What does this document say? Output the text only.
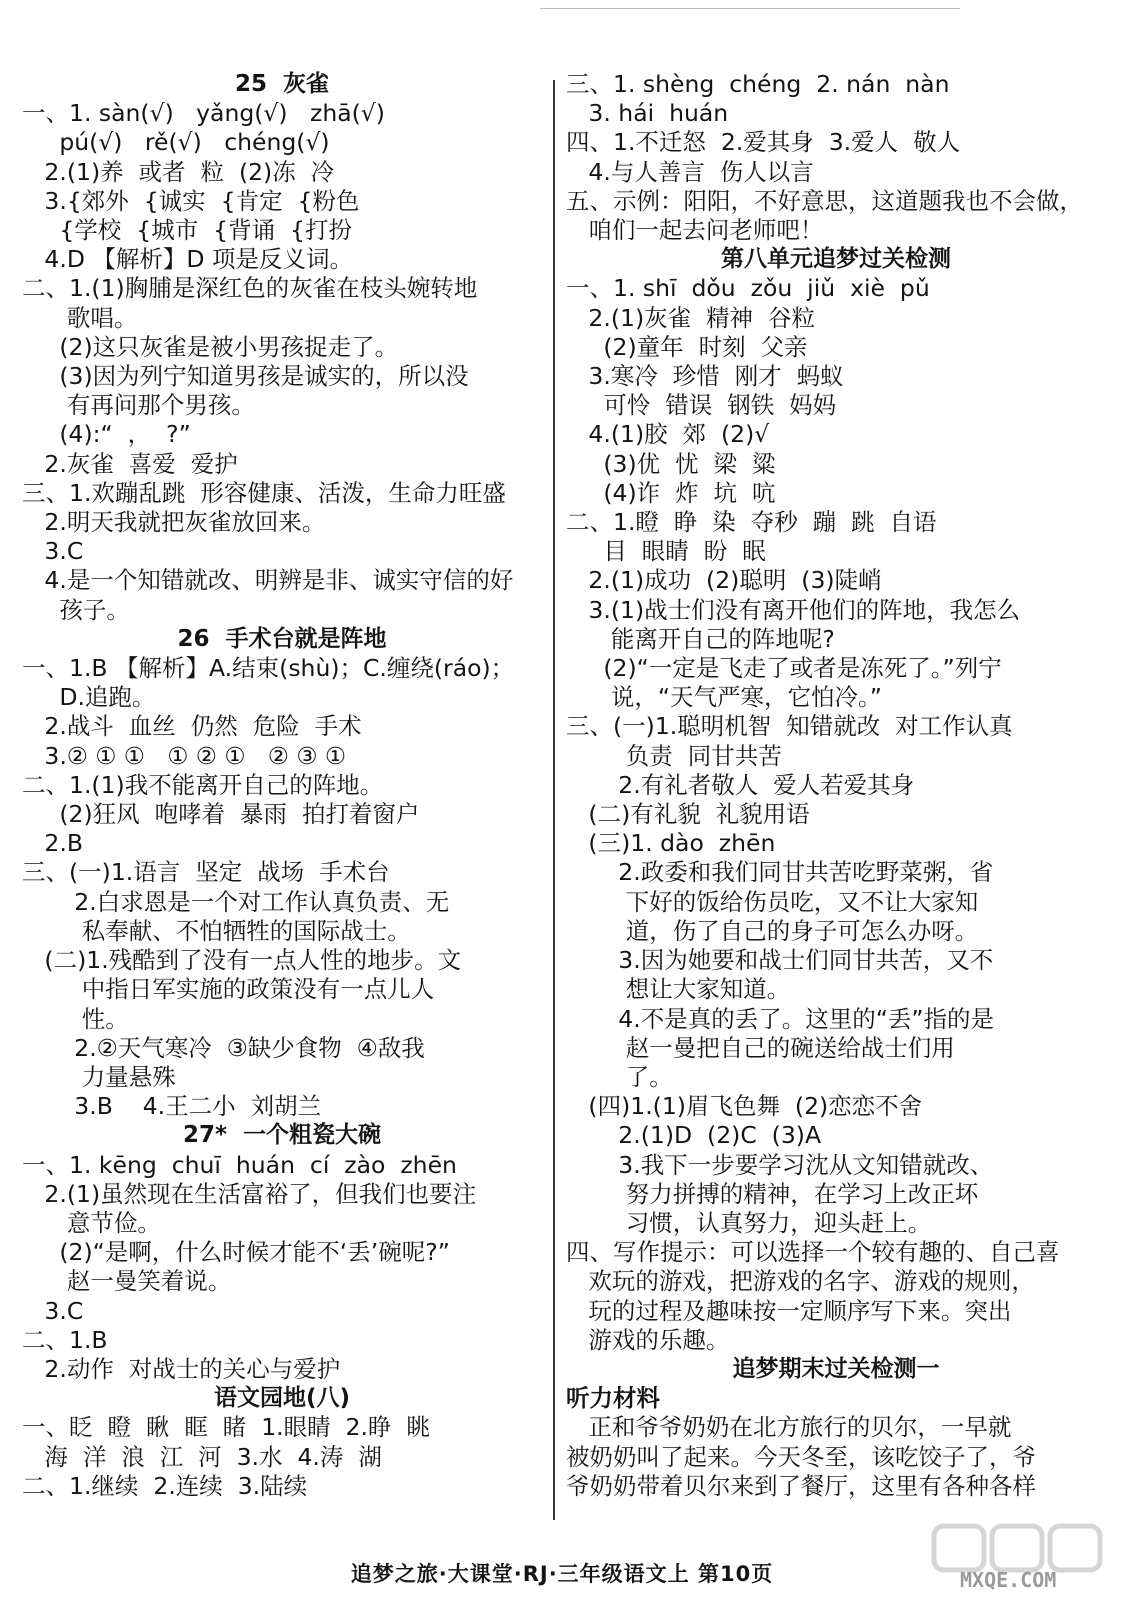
25  灰雀
一、1. sàn(√)   yǎng(√)   zhā(√)
pú(√)   rě(√)   chéng(√)
2.(1)养  或者  粒  (2)冻  冷
3.{郊外  {诚实  {肯定  {粉色
{学校  {城市  {背诵  {打扮
4.D 【解析】D 项是反义词。
二、1.(1)胸脯是深红色的灰雀在枝头婉转地
歌唱。
(2)这只灰雀是被小男孩捉走了。
(3)因为列宁知道男孩是诚实的，所以没
有再问那个男孩。
(4):“  ，  ?”
2.灰雀  喜爱  爱护
三、1.欢蹦乱跳  形容健康、活泼，生命力旺盛
2.明天我就把灰雀放回来。
3.C
4.是一个知错就改、明辨是非、诚实守信的好
孩子。
26  手术台就是阵地
一、1.B 【解析】A.结束(shù)；C.缠绕(ráo)；
D.追跑。
2.战斗  血丝  仍然  危险  手术
3.② ① ①   ① ② ①   ② ③ ①
二、1.(1)我不能离开自己的阵地。
(2)狂风  咆哮着  暴雨  拍打着窗户
2.B
三、(一)1.语言  坚定  战场  手术台
2.白求恩是一个对工作认真负责、无
私奉献、不怕牺牲的国际战士。
(二)1.残酷到了没有一点人性的地步。文
中指日军实施的政策没有一点儿人
性。
2.②天气寒冷  ③缺少食物  ④敌我
力量悬殊
3.B    4.王二小  刘胡兰
27*  一个粗瓷大碗
一、1. kēng  chuī  huán  cí  zào  zhēn
2.(1)虽然现在生活富裕了，但我们也要注
意节俭。
(2)“是啊，什么时候才能不‘丢’碗呢?”
赵一曼笑着说。
3.C
二、1.B
2.动作  对战士的关心与爱护
语文园地(八)
一、眨  瞪  瞅  眶  睹  1.眼睛  2.睁  眺
海  洋  浪  江  河  3.水  4.涛  湖
二、1.继续  2.连续  3.陆续
三、1. shèng  chéng  2. nán  nàn
3. hái  huán
四、1.不迁怒  2.爱其身  3.爱人  敬人
4.与人善言  伤人以言
五、示例：阳阳，不好意思，这道题我也不会做，
咱们一起去问老师吧！
第八单元追梦过关检测
一、1. shī  dǒu  zǒu  jiǔ  xiè  pǔ
2.(1)灰雀  精神  谷粒
(2)童年  时刻  父亲
3.寒冷  珍惜  刚才  蚂蚁
可怜  错误  钢铁  妈妈
4.(1)胶  郊  (2)√
(3)优  忧  梁  粱
(4)诈  炸  坑  吭
二、1.瞪  睁  染  夺秒  蹦  跳  自语
目  眼睛  盼  眠
2.(1)成功  (2)聪明  (3)陡峭
3.(1)战士们没有离开他们的阵地，我怎么
能离开自己的阵地呢?
(2)“一定是飞走了或者是冻死了。”列宁
说，“天气严寒，它怕冷。”
三、(一)1.聪明机智  知错就改  对工作认真
负责  同甘共苦
2.有礼者敬人  爱人若爱其身
(二)有礼貌  礼貌用语
(三)1. dào  zhēn
2.政委和我们同甘共苦吃野菜粥，省
下好的饭给伤员吃，又不让大家知
道，伤了自己的身子可怎么办呀。
3.因为她要和战士们同甘共苦，又不
想让大家知道。
4.不是真的丢了。这里的“丢”指的是
赵一曼把自己的碗送给战士们用
了。
(四)1.(1)眉飞色舞  (2)恋恋不舍
2.(1)D  (2)C  (3)A
3.我下一步要学习沈从文知错就改、
努力拼搏的精神，在学习上改正坏
习惯，认真努力，迎头赶上。
四、写作提示：可以选择一个较有趣的、自己喜
欢玩的游戏，把游戏的名字、游戏的规则，
玩的过程及趣味按一定顺序写下来。突出
游戏的乐趣。
追梦期末过关检测一
听力材料
正和爷爷奶奶在北方旅行的贝尔，一早就
被奶奶叫了起来。今天冬至，该吃饺子了，爷
爷奶奶带着贝尔来到了餐厅，这里有各种各样
追梦之旅·大课堂·RJ·三年级语文上 第10页	MXQE.COM
